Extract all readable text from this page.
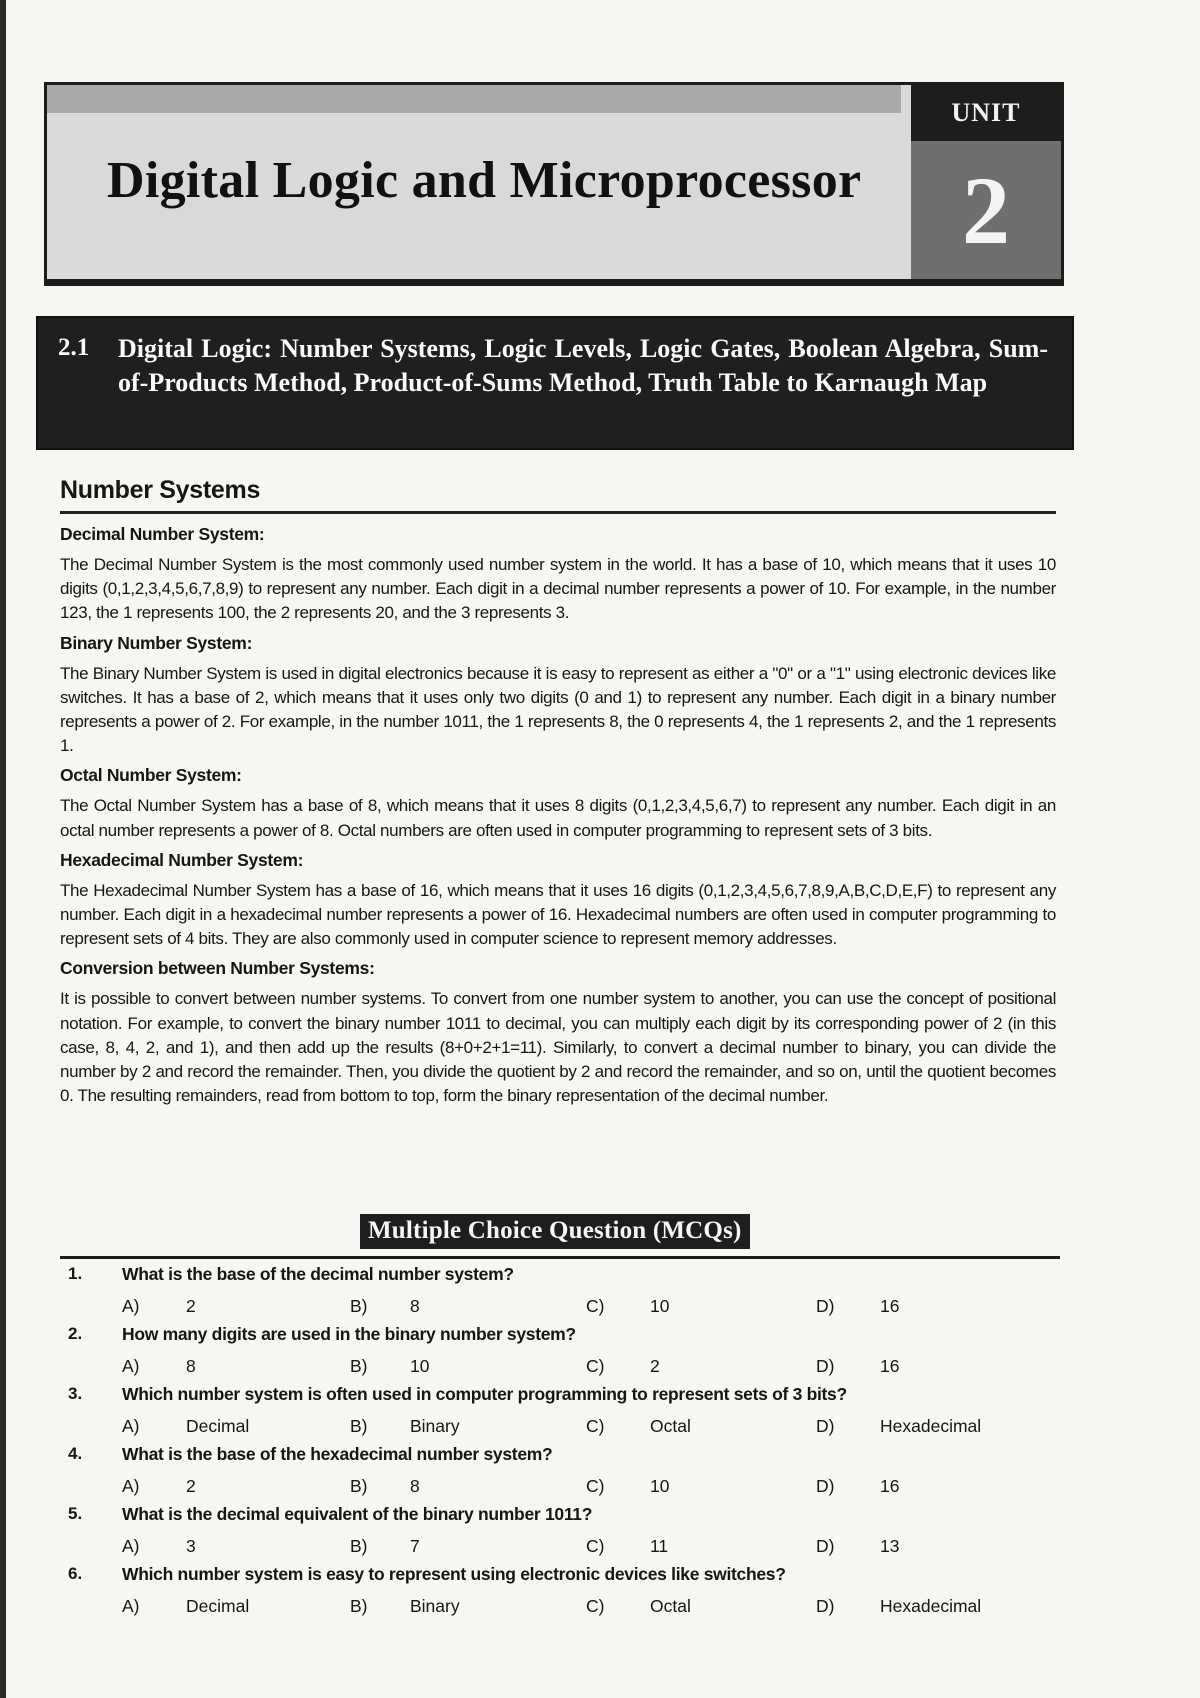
Digital Logic and Microprocessor
UNIT
2
2.1 Digital Logic: Number Systems, Logic Levels, Logic Gates, Boolean Algebra, Sum-of-Products Method, Product-of-Sums Method, Truth Table to Karnaugh Map
Number Systems
Decimal Number System:

The Decimal Number System is the most commonly used number system in the world. It has a base of 10, which means that it uses 10 digits (0,1,2,3,4,5,6,7,8,9) to represent any number. Each digit in a decimal number represents a power of 10. For example, in the number 123, the 1 represents 100, the 2 represents 20, and the 3 represents 3.

Binary Number System:

The Binary Number System is used in digital electronics because it is easy to represent as either a "0" or a "1" using electronic devices like switches. It has a base of 2, which means that it uses only two digits (0 and 1) to represent any number. Each digit in a binary number represents a power of 2. For example, in the number 1011, the 1 represents 8, the 0 represents 4, the 1 represents 2, and the 1 represents 1.

Octal Number System:

The Octal Number System has a base of 8, which means that it uses 8 digits (0,1,2,3,4,5,6,7) to represent any number. Each digit in an octal number represents a power of 8. Octal numbers are often used in computer programming to represent sets of 3 bits.

Hexadecimal Number System:

The Hexadecimal Number System has a base of 16, which means that it uses 16 digits (0,1,2,3,4,5,6,7,8,9,A,B,C,D,E,F) to represent any number. Each digit in a hexadecimal number represents a power of 16. Hexadecimal numbers are often used in computer programming to represent sets of 4 bits. They are also commonly used in computer science to represent memory addresses.

Conversion between Number Systems:

It is possible to convert between number systems. To convert from one number system to another, you can use the concept of positional notation. For example, to convert the binary number 1011 to decimal, you can multiply each digit by its corresponding power of 2 (in this case, 8, 4, 2, and 1), and then add up the results (8+0+2+1=11). Similarly, to convert a decimal number to binary, you can divide the number by 2 and record the remainder. Then, you divide the quotient by 2 and record the remainder, and so on, until the quotient becomes 0. The resulting remainders, read from bottom to top, form the binary representation of the decimal number.

Multiple Choice Question (MCQs)
1. What is the base of the decimal number system?
A)	2	B) 8	C)	10	D)	16
2. How many digits are used in the binary number system?
A)	8	B) 10	C)	2	D)	16
3. Which number system is often used in computer programming to represent sets of 3 bits?
A)	Decimal	B) Binary	C)	Octal	D)	Hexadecimal
4. What is the base of the hexadecimal number system?
A)	2	B) 8	C)	10	D)	16
5. What is the decimal equivalent of the binary number 1011?
A)	3	B) 7	C)	11	D)	13
6. Which number system is easy to represent using electronic devices like switches?
A)	Decimal	B) Binary	C)	Octal	D)	Hexadecimal
